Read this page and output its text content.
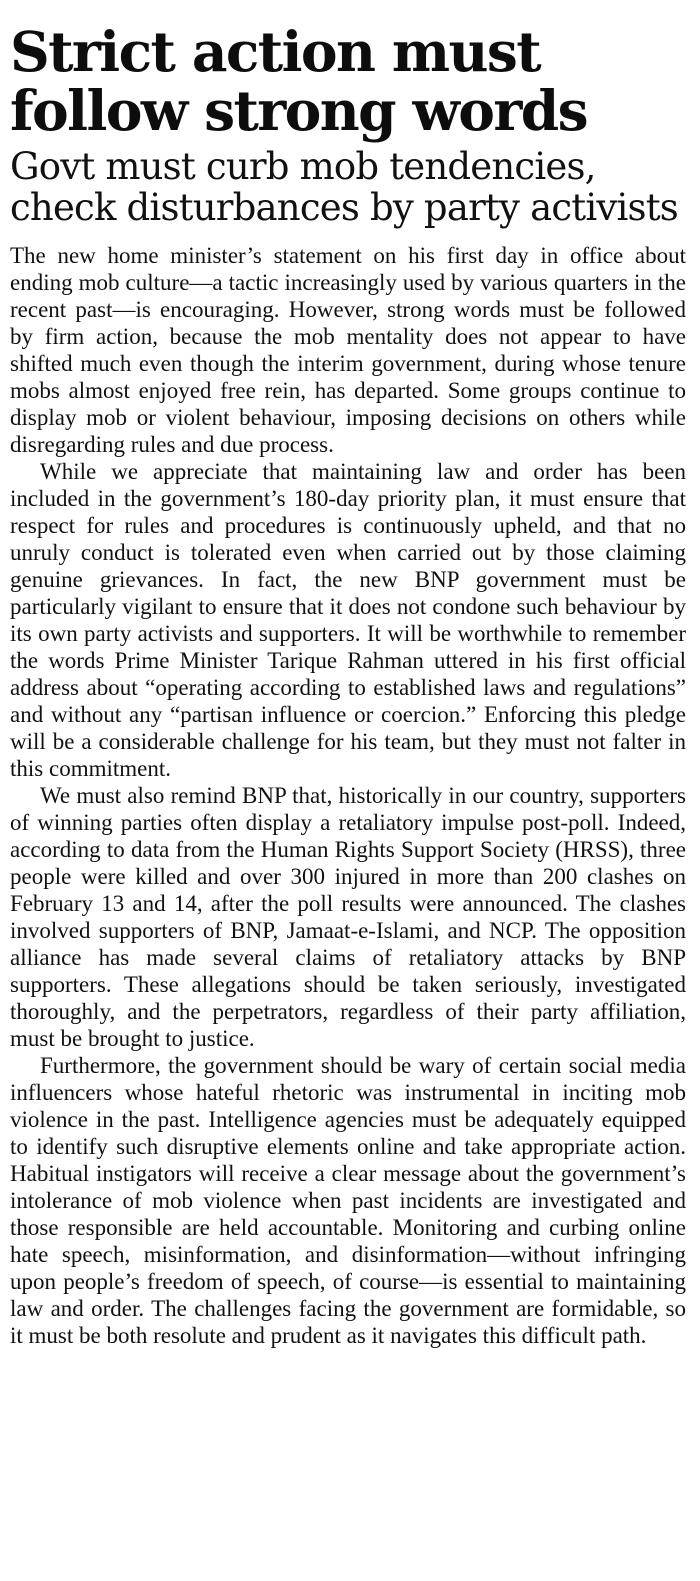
Strict action must follow strong words
Govt must curb mob tendencies, check disturbances by party activists

The new home minister’s statement on his first day in office about ending mob culture—a tactic increasingly used by various quarters in the recent past—is encouraging. However, strong words must be followed by firm action, because the mob mentality does not appear to have shifted much even though the interim government, during whose tenure mobs almost enjoyed free rein, has departed. Some groups continue to display mob or violent behaviour, imposing decisions on others while disregarding rules and due process.

While we appreciate that maintaining law and order has been included in the government’s 180-day priority plan, it must ensure that respect for rules and procedures is continuously upheld, and that no unruly conduct is tolerated even when carried out by those claiming genuine grievances. In fact, the new BNP government must be particularly vigilant to ensure that it does not condone such behaviour by its own party activists and supporters. It will be worthwhile to remember the words Prime Minister Tarique Rahman uttered in his first official address about “operating according to established laws and regulations” and without any “partisan influence or coercion.” Enforcing this pledge will be a considerable challenge for his team, but they must not falter in this commitment.

We must also remind BNP that, historically in our country, supporters of winning parties often display a retaliatory impulse post-poll. Indeed, according to data from the Human Rights Support Society (HRSS), three people were killed and over 300 injured in more than 200 clashes on February 13 and 14, after the poll results were announced. The clashes involved supporters of BNP, Jamaat-e-Islami, and NCP. The opposition alliance has made several claims of retaliatory attacks by BNP supporters. These allegations should be taken seriously, investigated thoroughly, and the perpetrators, regardless of their party affiliation, must be brought to justice.

Furthermore, the government should be wary of certain social media influencers whose hateful rhetoric was instrumental in inciting mob violence in the past. Intelligence agencies must be adequately equipped to identify such disruptive elements online and take appropriate action. Habitual instigators will receive a clear message about the government’s intolerance of mob violence when past incidents are investigated and those responsible are held accountable. Monitoring and curbing online hate speech, misinformation, and disinformation—without infringing upon people’s freedom of speech, of course—is essential to maintaining law and order. The challenges facing the government are formidable, so it must be both resolute and prudent as it navigates this difficult path.
